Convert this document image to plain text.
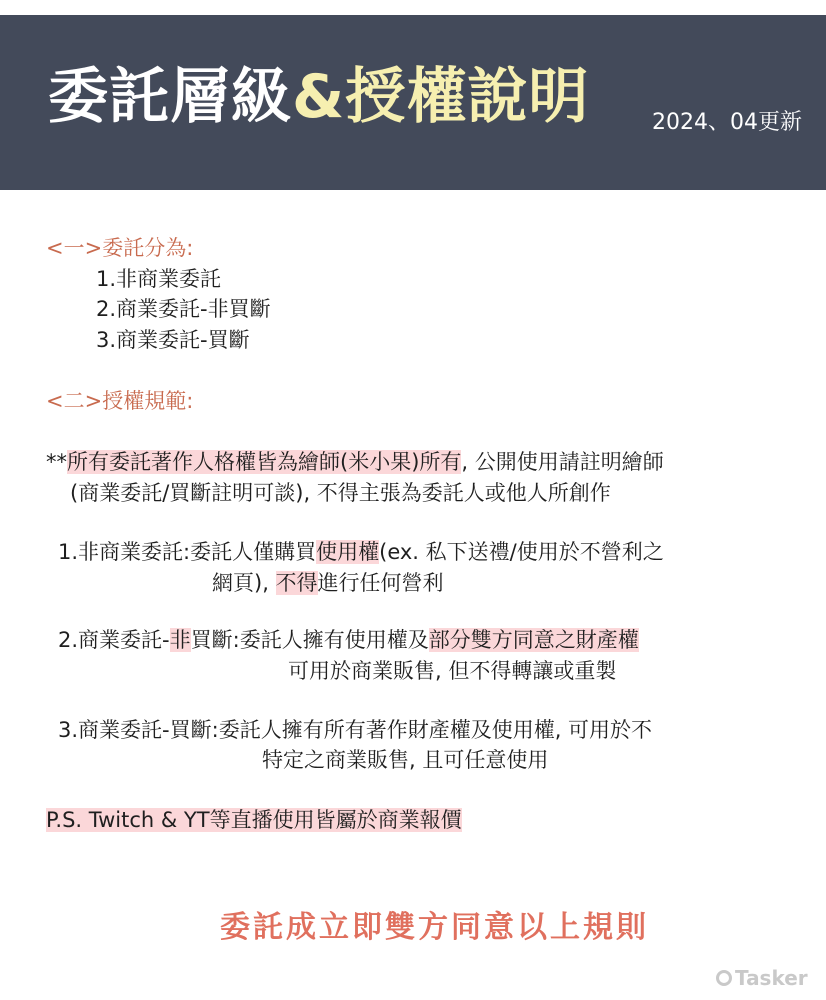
委託層級&授權說明	2024、04更新
<一>委託分為:
1.非商業委託
2.商業委託-非買斷
3.商業委託-買斷
<二>授權規範:
**所有委託著作人格權皆為繪師(米小果)所有, 公開使用請註明繪師
(商業委託/買斷註明可談), 不得主張為委託人或他人所創作
1.非商業委託:委託人僅購買使用權(ex. 私下送禮/使用於不營利之
網頁), 不得進行任何營利
2.商業委託-非買斷:委託人擁有使用權及部分雙方同意之財產權
可用於商業販售, 但不得轉讓或重製
3.商業委託-買斷:委託人擁有所有著作財產權及使用權, 可用於不
特定之商業販售, 且可任意使用
P.S. Twitch & YT等直播使用皆屬於商業報價
委託成立即雙方同意以上規則
Tasker
